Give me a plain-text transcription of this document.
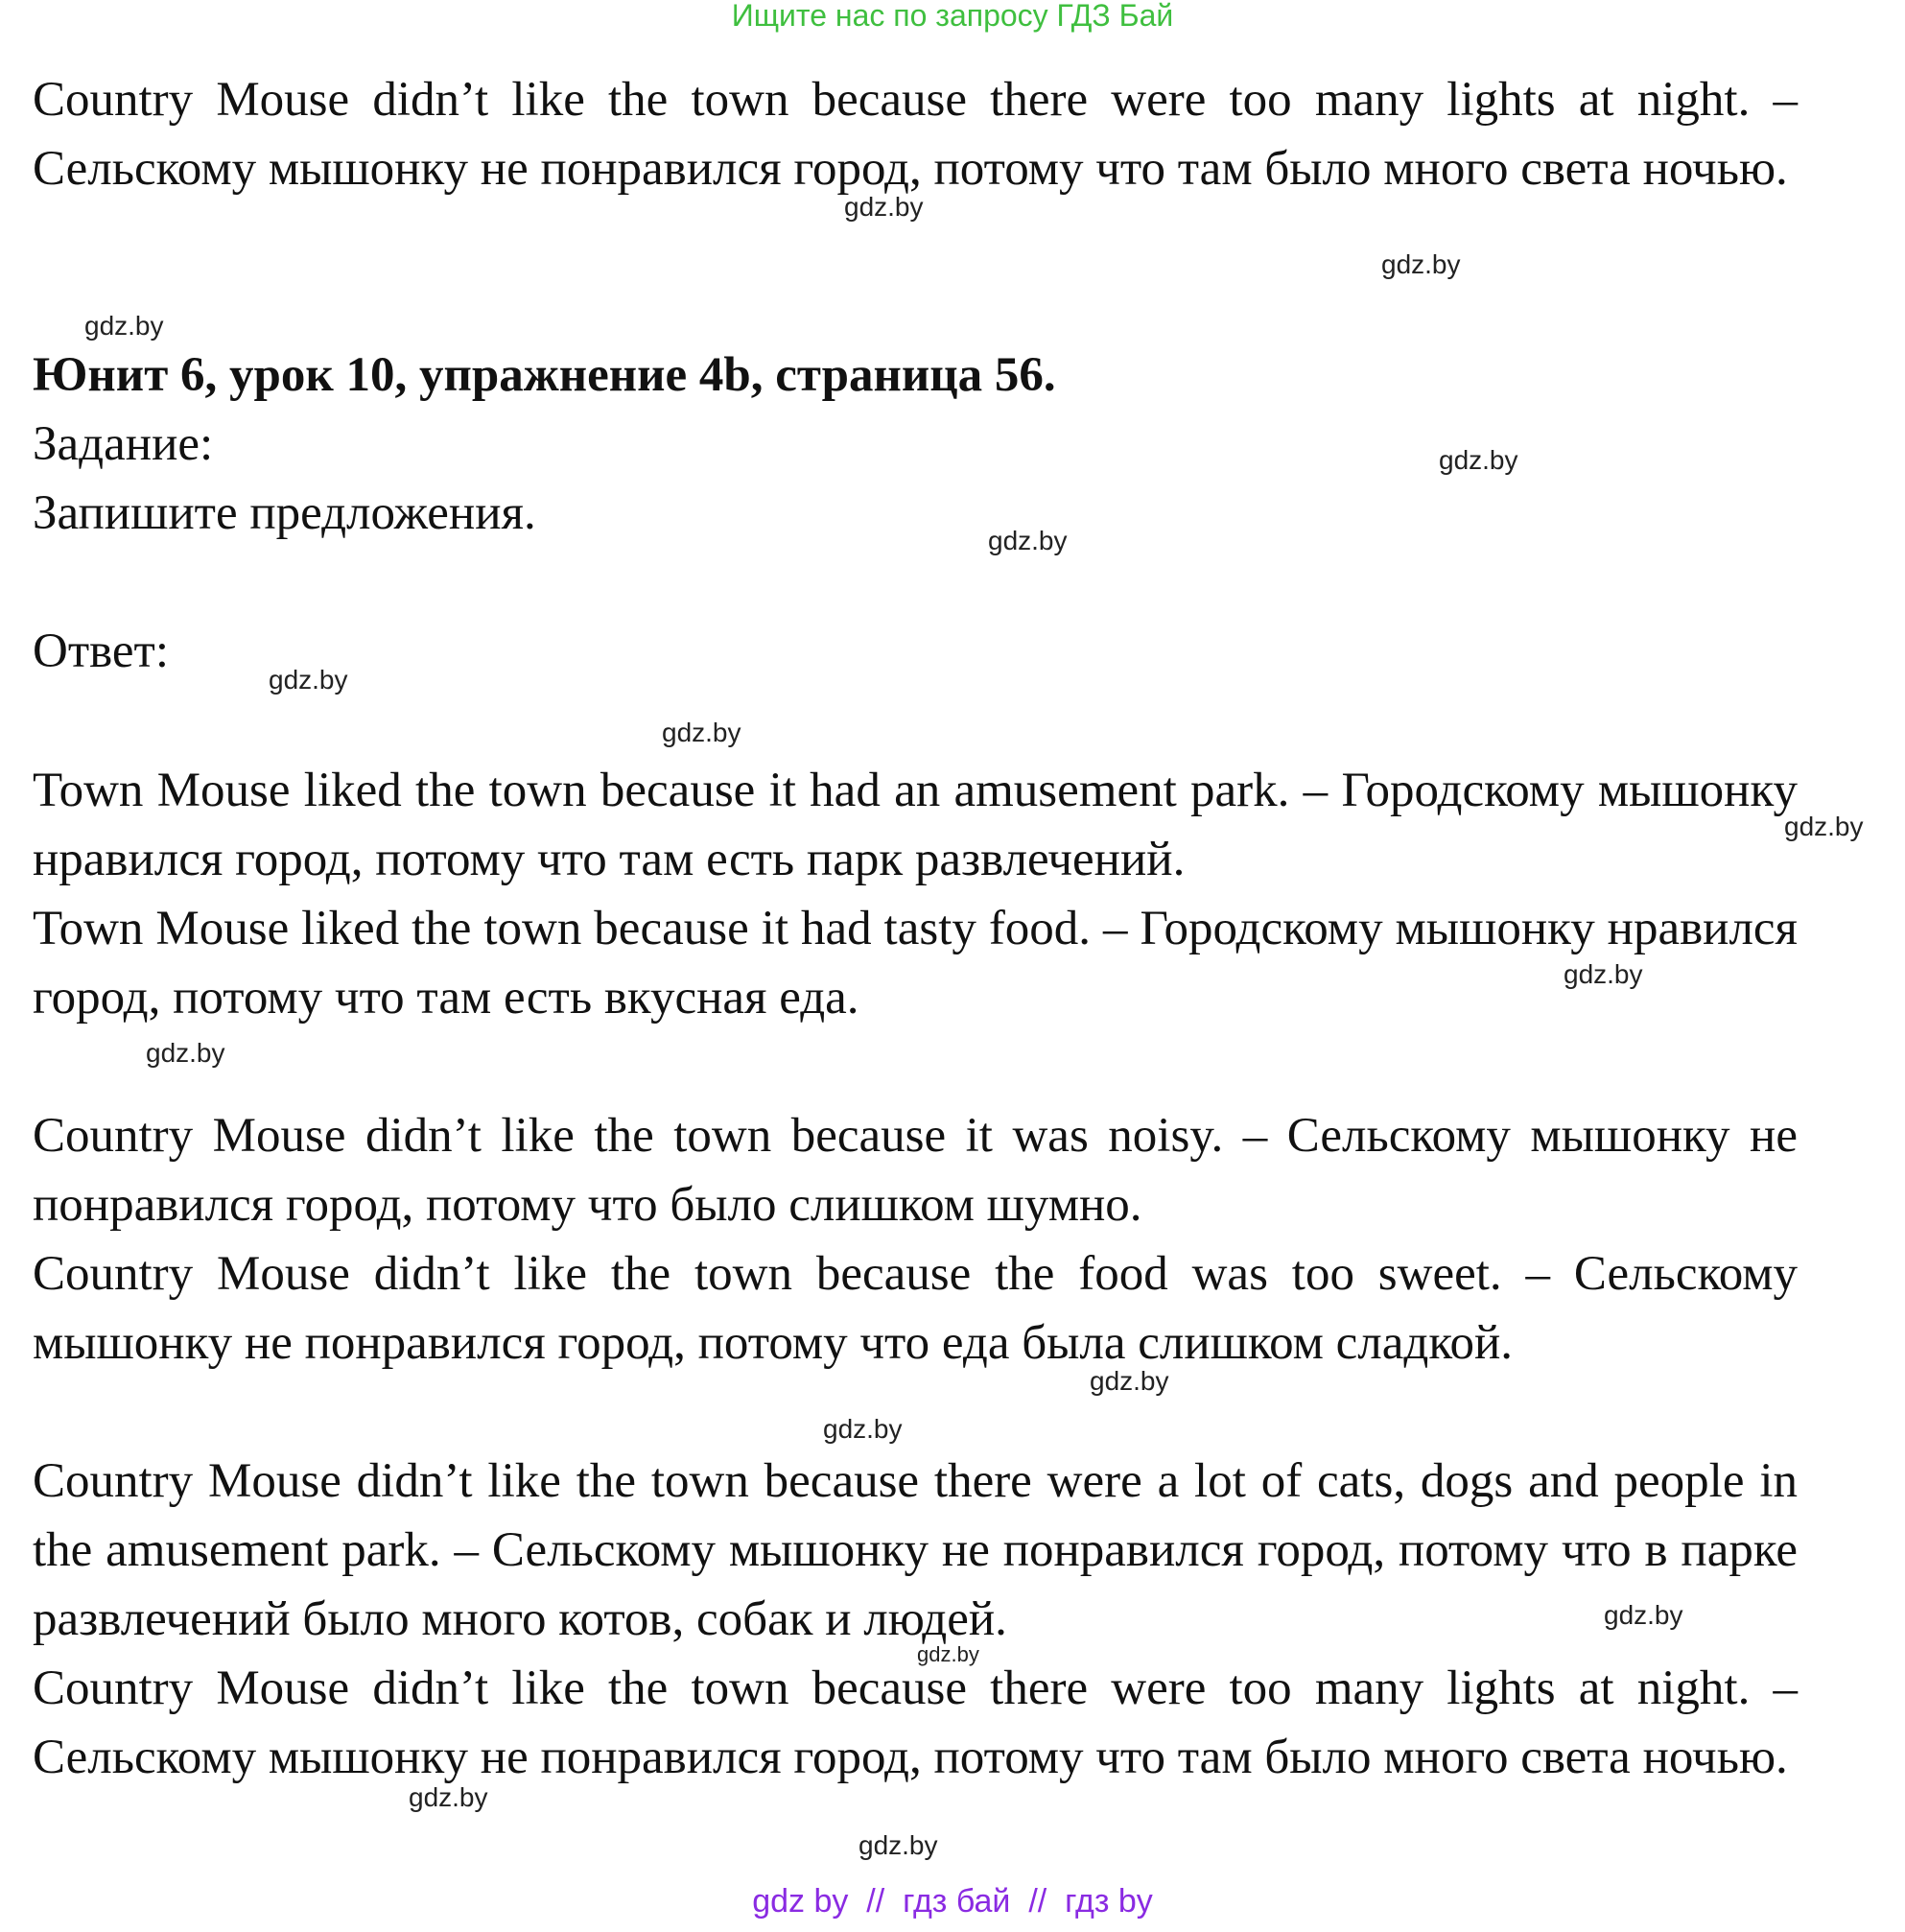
Ищите нас по запросу ГДЗ Бай

Country Mouse didn’t like the town because there were too many lights at night. – Сельскому мышонку не понравился город, потому что там было много света ночью.

Юнит 6, урок 10, упражнение 4b, страница 56.
Задание:
Запишите предложения.
Ответ:

Town Mouse liked the town because it had an amusement park. – Городскому мышонку нравился город, потому что там есть парк развлечений.

Town Mouse liked the town because it had tasty food. – Городскому мышонку нравился город, потому что там есть вкусная еда.

Country Mouse didn’t like the town because it was noisy. – Сельскому мышонку не понравился город, потому что было слишком шумно.

Country Mouse didn’t like the town because the food was too sweet. – Сельскому мышонку не понравился город, потому что еда была слишком сладкой.

Country Mouse didn’t like the town because there were a lot of cats, dogs and people in the amusement park. – Сельскому мышонку не понравился город, потому что в парке развлечений было много котов, собак и людей.

Country Mouse didn’t like the town because there were too many lights at night. – Сельскому мышонку не понравился город, потому что там было много света ночью.

gdz.by
gdz.by
gdz.by
gdz.by
gdz.by
gdz.by
gdz.by
gdz.by
gdz.by
gdz.by
gdz.by
gdz.by
gdz.by
gdz.by
gdz.by
gdz.by
gdz by  //  гдз бай  //  гдз by
